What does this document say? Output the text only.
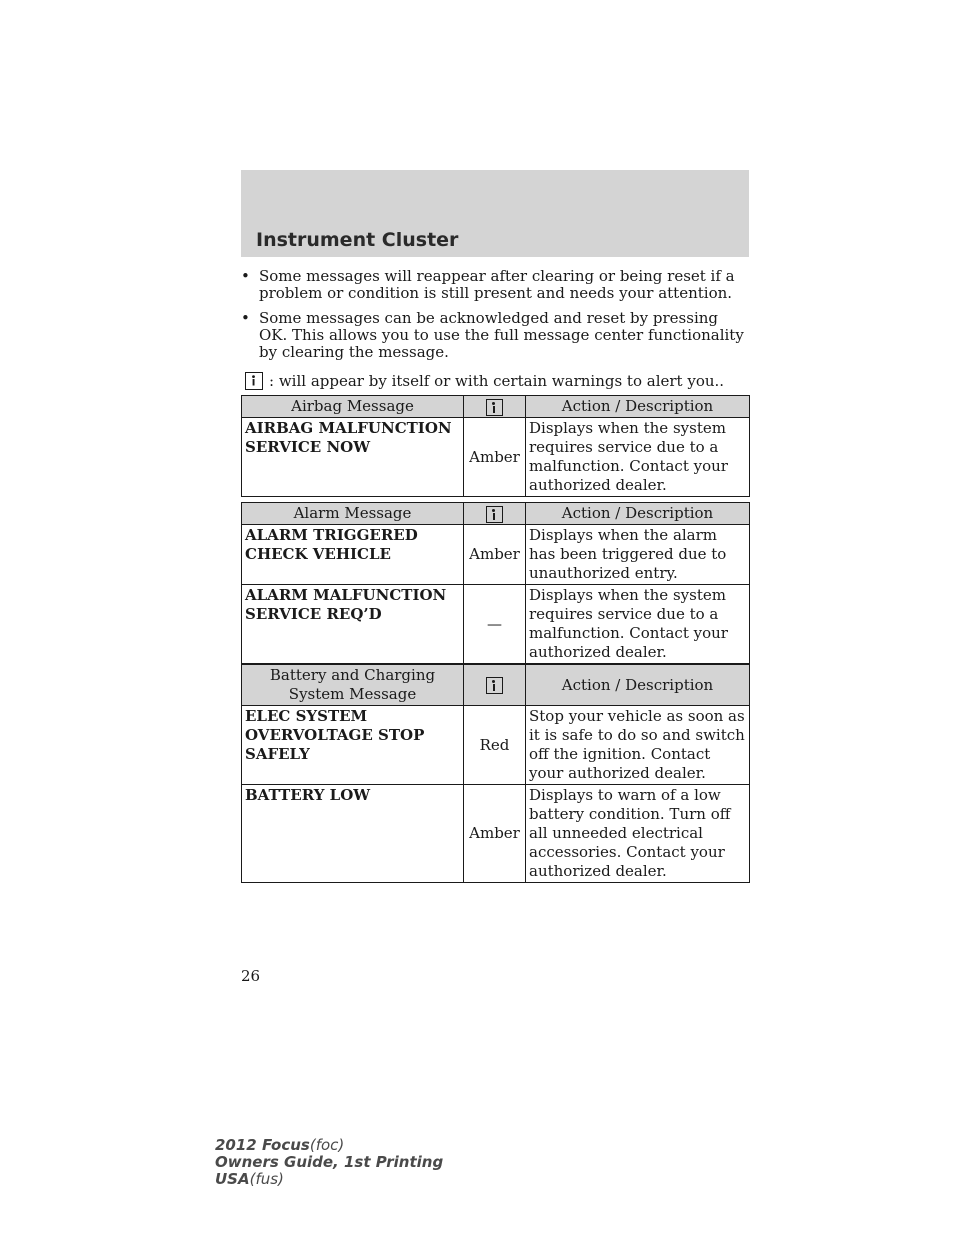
Instrument Cluster
• Some messages will reappear after clearing or being reset if a problem or condition is still present and needs your attention.
• Some messages can be acknowledged and reset by pressing OK. This allows you to use the full message center functionality by clearing the message.
: will appear by itself or with certain warnings to alert you..
Airbag Message		Action / Description

AIRBAG MALFUNCTION
SERVICE NOW	Amber	Displays when the system requires service due to a malfunction. Contact your authorized dealer.
Alarm Message		Action / Description

ALARM TRIGGERED
CHECK VEHICLE	Amber	Displays when the alarm has been triggered due to unauthorized entry.

ALARM MALFUNCTION
SERVICE REQ’D	—	Displays when the system requires service due to a malfunction. Contact your authorized dealer.
Battery and Charging System Message		Action / Description

ELEC SYSTEM
OVERVOLTAGE STOP
SAFELY	Red	Stop your vehicle as soon as it is safe to do so and switch off the ignition. Contact your authorized dealer.

BATTERY LOW	Amber	Displays to warn of a low battery condition. Turn off all unneeded electrical accessories. Contact your authorized dealer.
26
2012 Focus(foc)
Owners Guide, 1st Printing
USA(fus)
